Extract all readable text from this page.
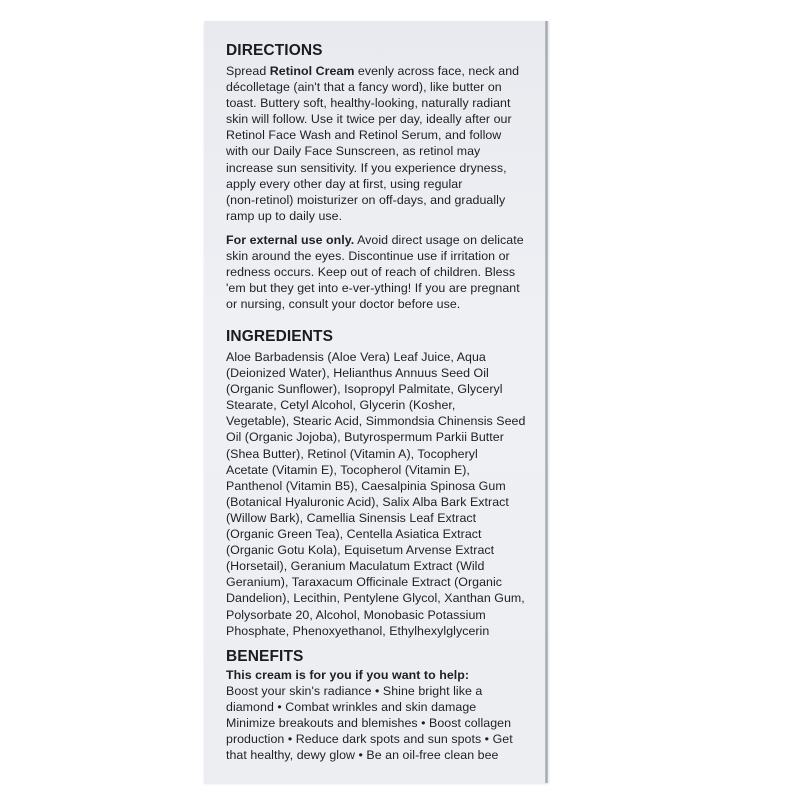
DIRECTIONS
Spread Retinol Cream evenly across face, neck and
décolletage (ain't that a fancy word), like butter on
toast. Buttery soft, healthy-looking, naturally radiant
skin will follow. Use it twice per day, ideally after our
Retinol Face Wash and Retinol Serum, and follow
with our Daily Face Sunscreen, as retinol may
increase sun sensitivity. If you experience dryness,
apply every other day at first, using regular
(non-retinol) moisturizer on off-days, and gradually
ramp up to daily use.
For external use only. Avoid direct usage on delicate
skin around the eyes. Discontinue use if irritation or
redness occurs. Keep out of reach of children. Bless
'em but they get into e-ver-ything! If you are pregnant
or nursing, consult your doctor before use.
INGREDIENTS
Aloe Barbadensis (Aloe Vera) Leaf Juice, Aqua
(Deionized Water), Helianthus Annuus Seed Oil
(Organic Sunflower), Isopropyl Palmitate, Glyceryl
Stearate, Cetyl Alcohol, Glycerin (Kosher,
Vegetable), Stearic Acid, Simmondsia Chinensis Seed
Oil (Organic Jojoba), Butyrospermum Parkii Butter
(Shea Butter), Retinol (Vitamin A), Tocopheryl
Acetate (Vitamin E), Tocopherol (Vitamin E),
Panthenol (Vitamin B5), Caesalpinia Spinosa Gum
(Botanical Hyaluronic Acid), Salix Alba Bark Extract
(Willow Bark), Camellia Sinensis Leaf Extract
(Organic Green Tea), Centella Asiatica Extract
(Organic Gotu Kola), Equisetum Arvense Extract
(Horsetail), Geranium Maculatum Extract (Wild
Geranium), Taraxacum Officinale Extract (Organic
Dandelion), Lecithin, Pentylene Glycol, Xanthan Gum,
Polysorbate 20, Alcohol, Monobasic Potassium
Phosphate, Phenoxyethanol, Ethylhexylglycerin
BENEFITS
This cream is for you if you want to help:
Boost your skin's radiance • Shine bright like a
diamond • Combat wrinkles and skin damage
Minimize breakouts and blemishes • Boost collagen
production • Reduce dark spots and sun spots • Get
that healthy, dewy glow • Be an oil-free clean bee
